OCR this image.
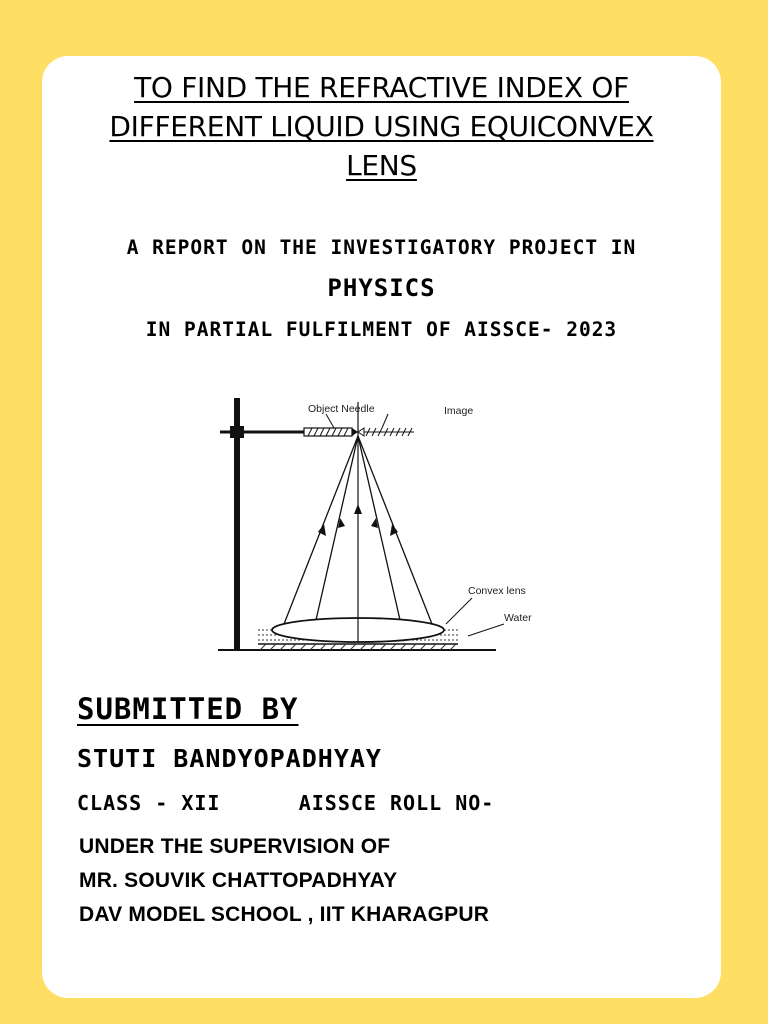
TO FIND THE REFRACTIVE INDEX OF
DIFFERENT LIQUID USING EQUICONVEX
LENS
A REPORT ON THE INVESTIGATORY PROJECT IN
PHYSICS
IN PARTIAL FULFILMENT OF AISSCE- 2023
Object Needle	Image
Convex lens
Water
SUBMITTED BY
STUTI BANDYOPADHYAY
CLASS - XII	AISSCE ROLL NO-
UNDER THE SUPERVISION OF
MR. SOUVIK CHATTOPADHYAY
DAV MODEL SCHOOL , IIT KHARAGPUR
